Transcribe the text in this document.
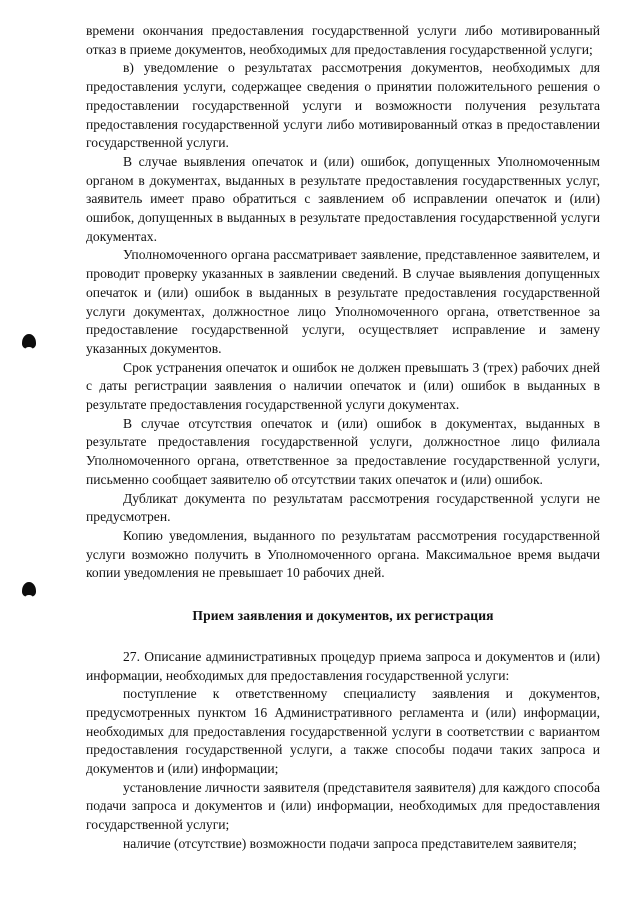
времени окончания предоставления государственной услуги либо мотивированный отказ в приеме документов, необходимых для предоставления государственной услуги;

в) уведомление о результатах рассмотрения документов, необходимых для предоставления услуги, содержащее сведения о принятии положительного решения о предоставлении государственной услуги и возможности получения результата предоставления государственной услуги либо мотивированный отказ в предоставлении государственной услуги.

В случае выявления опечаток и (или) ошибок, допущенных Уполномоченным органом в документах, выданных в результате предоставления государственных услуг, заявитель имеет право обратиться с заявлением об исправлении опечаток и (или) ошибок, допущенных в выданных в результате предоставления государственной услуги документах.

Уполномоченного органа рассматривает заявление, представленное заявителем, и проводит проверку указанных в заявлении сведений. В случае выявления допущенных опечаток и (или) ошибок в выданных в результате предоставления государственной услуги документах, должностное лицо Уполномоченного органа, ответственное за предоставление государственной услуги, осуществляет исправление и замену указанных документов.

Срок устранения опечаток и ошибок не должен превышать 3 (трех) рабочих дней с даты регистрации заявления о наличии опечаток и (или) ошибок в выданных в результате предоставления государственной услуги документах.

В случае отсутствия опечаток и (или) ошибок в документах, выданных в результате предоставления государственной услуги, должностное лицо филиала Уполномоченного органа, ответственное за предоставление государственной услуги, письменно сообщает заявителю об отсутствии таких опечаток и (или) ошибок.

Дубликат документа по результатам рассмотрения государственной услуги не предусмотрен.

Копию уведомления, выданного по результатам рассмотрения государственной услуги возможно получить в Уполномоченного органа. Максимальное время выдачи копии уведомления не превышает 10 рабочих дней.

Прием заявления и документов, их регистрация

27. Описание административных процедур приема запроса и документов и (или) информации, необходимых для предоставления государственной услуги:

поступление к ответственному специалисту заявления и документов, предусмотренных пунктом 16 Административного регламента и (или) информации, необходимых для предоставления государственной услуги в соответствии с вариантом предоставления государственной услуги, а также способы подачи таких запроса и документов и (или) информации;

установление личности заявителя (представителя заявителя) для каждого способа подачи запроса и документов и (или) информации, необходимых для предоставления государственной услуги;

наличие (отсутствие) возможности подачи запроса представителем заявителя;
